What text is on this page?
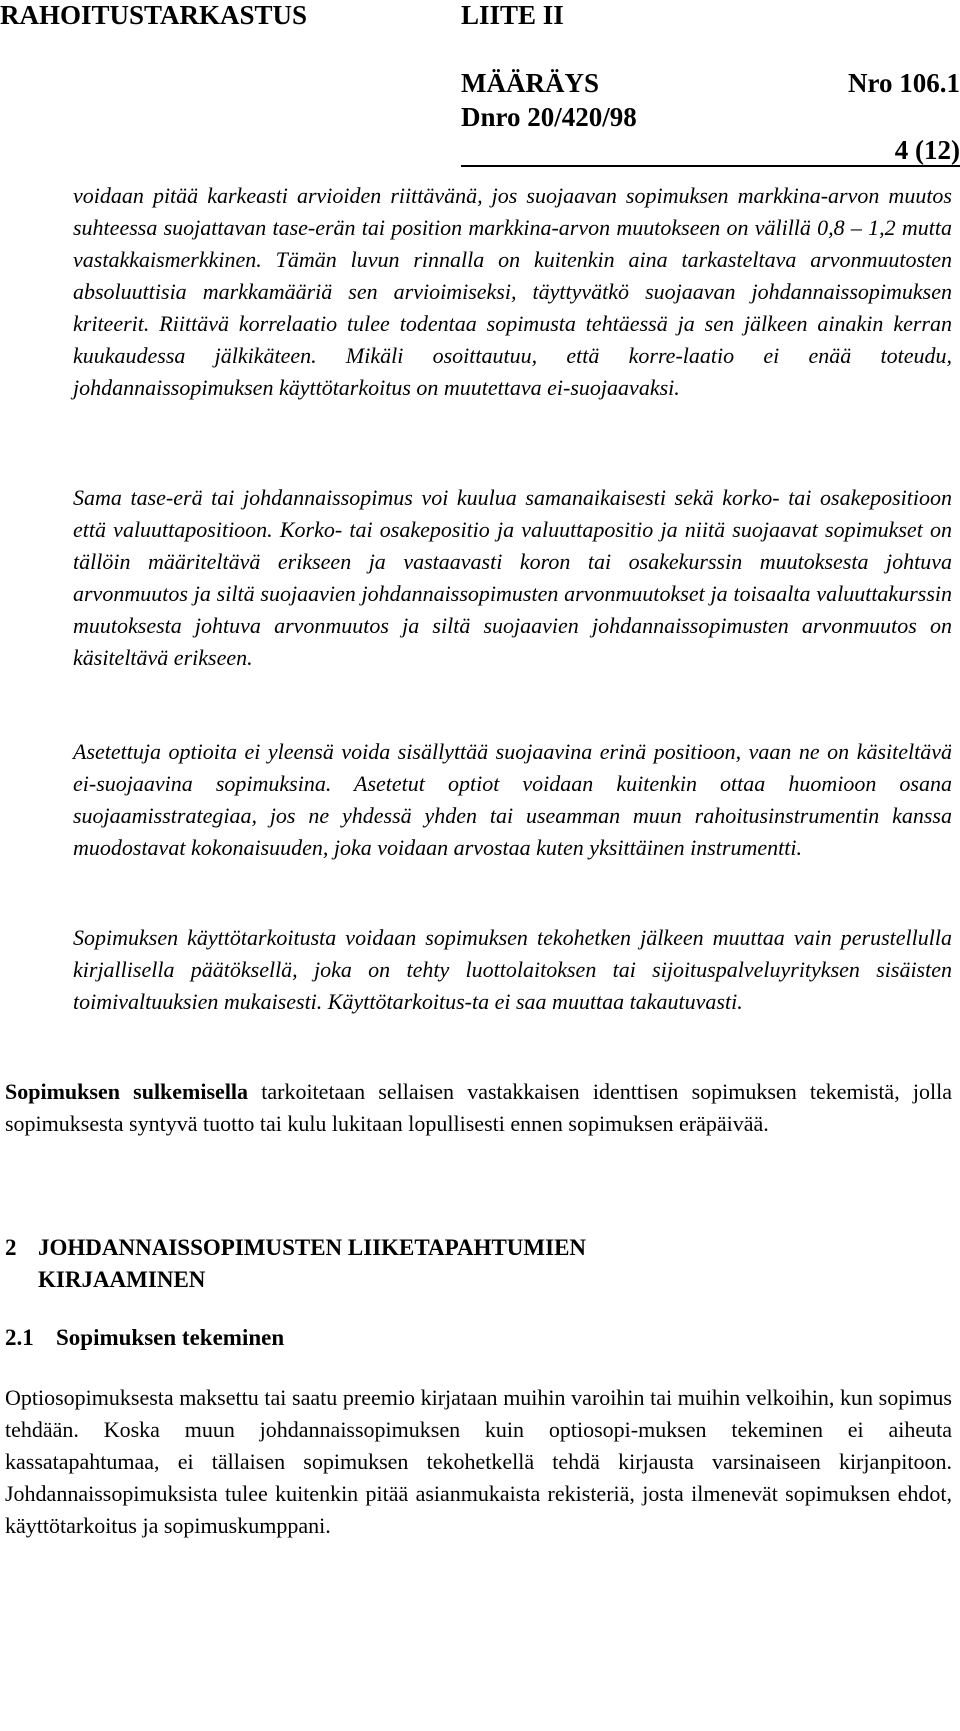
RAHOITUSTARKASTUS	LIITE II
MÄÄRÄYS	Nro 106.1
Dnro 20/420/98
4 (12)

voidaan pitää karkeasti arvioiden riittävänä, jos suojaavan sopimuksen markkina-arvon muutos suhteessa suojattavan tase-erän tai position markkina-arvon muutokseen on välillä 0,8 – 1,2 mutta vastakkaismerkkinen. Tämän luvun rinnalla on kuitenkin aina tarkasteltava arvonmuutosten absoluuttisia markkamääriä sen arvioimiseksi, täyttyvätkö suojaavan johdannaissopimuksen kriteerit. Riittävä korrelaatio tulee todentaa sopimusta tehtäessä ja sen jälkeen ainakin kerran kuukaudessa jälkikäteen. Mikäli osoittautuu, että korre-laatio ei enää toteudu, johdannaissopimuksen käyttötarkoitus on muutettava ei-suojaavaksi.

Sama tase-erä tai johdannaissopimus voi kuulua samanaikaisesti sekä korko- tai osakepositioon että valuuttapositioon. Korko- tai osakepositio ja valuuttapositio ja niitä suojaavat sopimukset on tällöin määriteltävä erikseen ja vastaavasti koron tai osakekurssin muutoksesta johtuva arvonmuutos ja siltä suojaavien johdannaissopimusten arvonmuutokset ja toisaalta valuuttakurssin muutoksesta johtuva arvonmuutos ja siltä suojaavien johdannaissopimusten arvonmuutos on käsiteltävä erikseen.

Asetettuja optioita ei yleensä voida sisällyttää suojaavina erinä positioon, vaan ne on käsiteltävä ei-suojaavina sopimuksina. Asetetut optiot voidaan kuitenkin ottaa huomioon osana suojaamisstrategiaa, jos ne yhdessä yhden tai useamman muun rahoitusinstrumentin kanssa muodostavat kokonaisuuden, joka voidaan arvostaa kuten yksittäinen instrumentti.

Sopimuksen käyttötarkoitusta voidaan sopimuksen tekohetken jälkeen muuttaa vain perustellulla kirjallisella päätöksellä, joka on tehty luottolaitoksen tai sijoituspalveluyrityksen sisäisten toimivaltuuksien mukaisesti. Käyttötarkoitus-ta ei saa muuttaa takautuvasti.

Sopimuksen sulkemisella tarkoitetaan sellaisen vastakkaisen identtisen sopimuksen tekemistä, jolla sopimuksesta syntyvä tuotto tai kulu lukitaan lopullisesti ennen sopimuksen eräpäivää.

2 JOHDANNAISSOPIMUSTEN LIIKETAPAHTUMIEN
KIRJAAMINEN
2.1 Sopimuksen tekeminen

Optiosopimuksesta maksettu tai saatu preemio kirjataan muihin varoihin tai muihin velkoihin, kun sopimus tehdään. Koska muun johdannaissopimuksen kuin optiosopi-muksen tekeminen ei aiheuta kassatapahtumaa, ei tällaisen sopimuksen tekohetkellä tehdä kirjausta varsinaiseen kirjanpitoon. Johdannaissopimuksista tulee kuitenkin pitää asianmukaista rekisteriä, josta ilmenevät sopimuksen ehdot, käyttötarkoitus ja sopimuskumppani.
